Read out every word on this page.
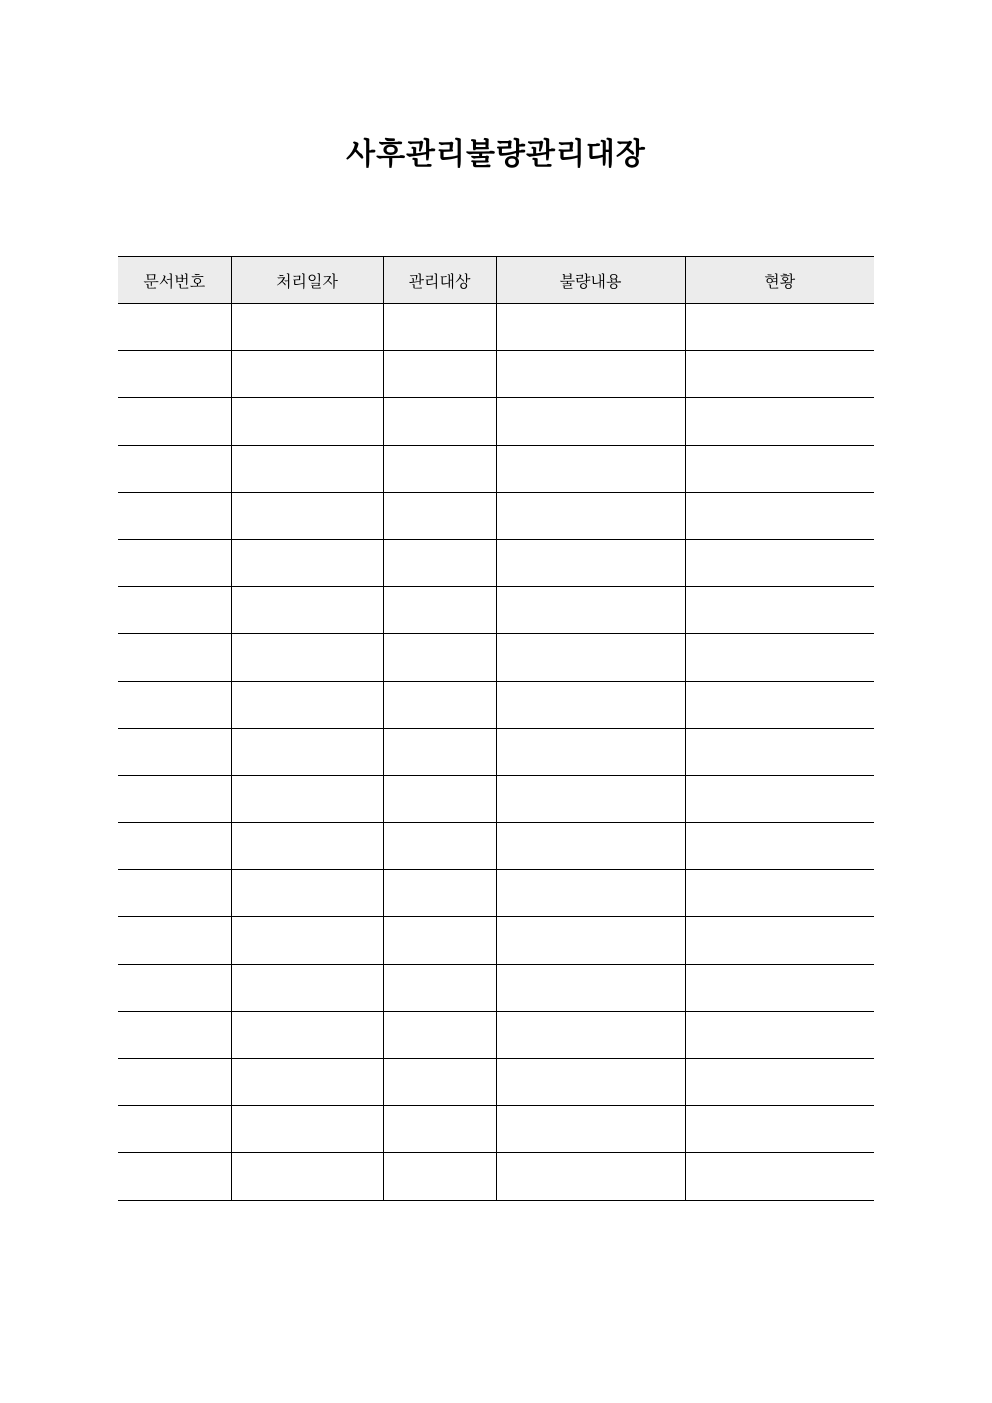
사후관리불량관리대장
문서번호	처리일자	관리대상	불량내용	현황
